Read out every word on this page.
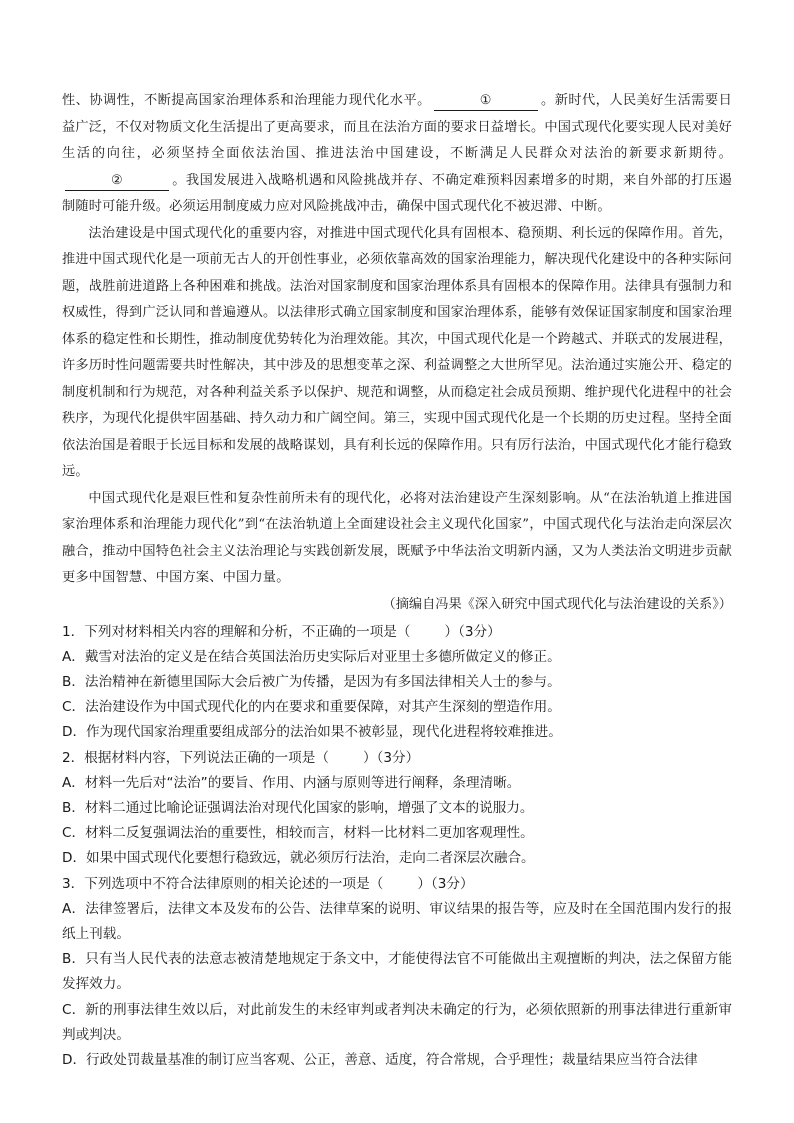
性、协调性，不断提高国家治理体系和治理能力现代化水平。	①	。新时代，人民美好生活需要日益广泛，不仅对物质文化生活提出了更高要求，而且在法治方面的要求日益增长。中国式现代化要实现人民对美好生活的向往，必须坚持全面依法治国、推进法治中国建设，不断满足人民群众对法治的新要求新期待。②	。我国发展进入战略机遇和风险挑战并存、不确定难预料因素增多的时期，来自外部的打压遏制随时可能升级。必须运用制度威力应对风险挑战冲击，确保中国式现代化不被迟滞、中断。

法治建设是中国式现代化的重要内容，对推进中国式现代化具有固根本、稳预期、利长远的保障作用。首先，推进中国式现代化是一项前无古人的开创性事业，必须依靠高效的国家治理能力，解决现代化建设中的各种实际问题，战胜前进道路上各种困难和挑战。法治对国家制度和国家治理体系具有固根本的保障作用。法律具有强制力和权威性，得到广泛认同和普遍遵从。以法律形式确立国家制度和国家治理体系，能够有效保证国家制度和国家治理体系的稳定性和长期性，推动制度优势转化为治理效能。其次，中国式现代化是一个跨越式、并联式的发展进程，许多历时性问题需要共时性解决，其中涉及的思想变革之深、利益调整之大世所罕见。法治通过实施公开、稳定的制度机制和行为规范，对各种利益关系予以保护、规范和调整，从而稳定社会成员预期、维护现代化进程中的社会秩序，为现代化提供牢固基础、持久动力和广阔空间。第三，实现中国式现代化是一个长期的历史过程。坚持全面依法治国是着眼于长远目标和发展的战略谋划，具有利长远的保障作用。只有厉行法治，中国式现代化才能行稳致远。

中国式现代化是艰巨性和复杂性前所未有的现代化，必将对法治建设产生深刻影响。从“在法治轨道上推进国家治理体系和治理能力现代化”到“在法治轨道上全面建设社会主义现代化国家”，中国式现代化与法治走向深层次融合，推动中国特色社会主义法治理论与实践创新发展，既赋予中华法治文明新内涵，又为人类法治文明进步贡献更多中国智慧、中国方案、中国力量。

（摘编自冯果《深入研究中国式现代化与法治建设的关系》）

1．下列对材料相关内容的理解和分析，不正确的一项是（	）（3分）

A．戴雪对法治的定义是在结合英国法治历史实际后对亚里士多德所做定义的修正。

B．法治精神在新德里国际大会后被广为传播，是因为有多国法律相关人士的参与。

C．法治建设作为中国式现代化的内在要求和重要保障，对其产生深刻的塑造作用。

D．作为现代国家治理重要组成部分的法治如果不被彰显，现代化进程将较难推进。

2．根据材料内容，下列说法正确的一项是（	）（3分）

A．材料一先后对“法治”的要旨、作用、内涵与原则等进行阐释，条理清晰。

B．材料二通过比喻论证强调法治对现代化国家的影响，增强了文本的说服力。

C．材料二反复强调法治的重要性，相较而言，材料一比材料二更加客观理性。

D．如果中国式现代化要想行稳致远，就必须厉行法治，走向二者深层次融合。

3．下列选项中不符合法律原则的相关论述的一项是（	）（3分）

A．法律签署后，法律文本及发布的公告、法律草案的说明、审议结果的报告等，应及时在全国范围内发行的报纸上刊载。

B．只有当人民代表的法意志被清楚地规定于条文中，才能使得法官不可能做出主观擅断的判决，法之保留方能发挥效力。

C．新的刑事法律生效以后，对此前发生的未经审判或者判决未确定的行为，必须依照新的刑事法律进行重新审判或判决。

D．行政处罚裁量基准的制订应当客观、公正，善意、适度，符合常规，合乎理性；裁量结果应当符合法律
